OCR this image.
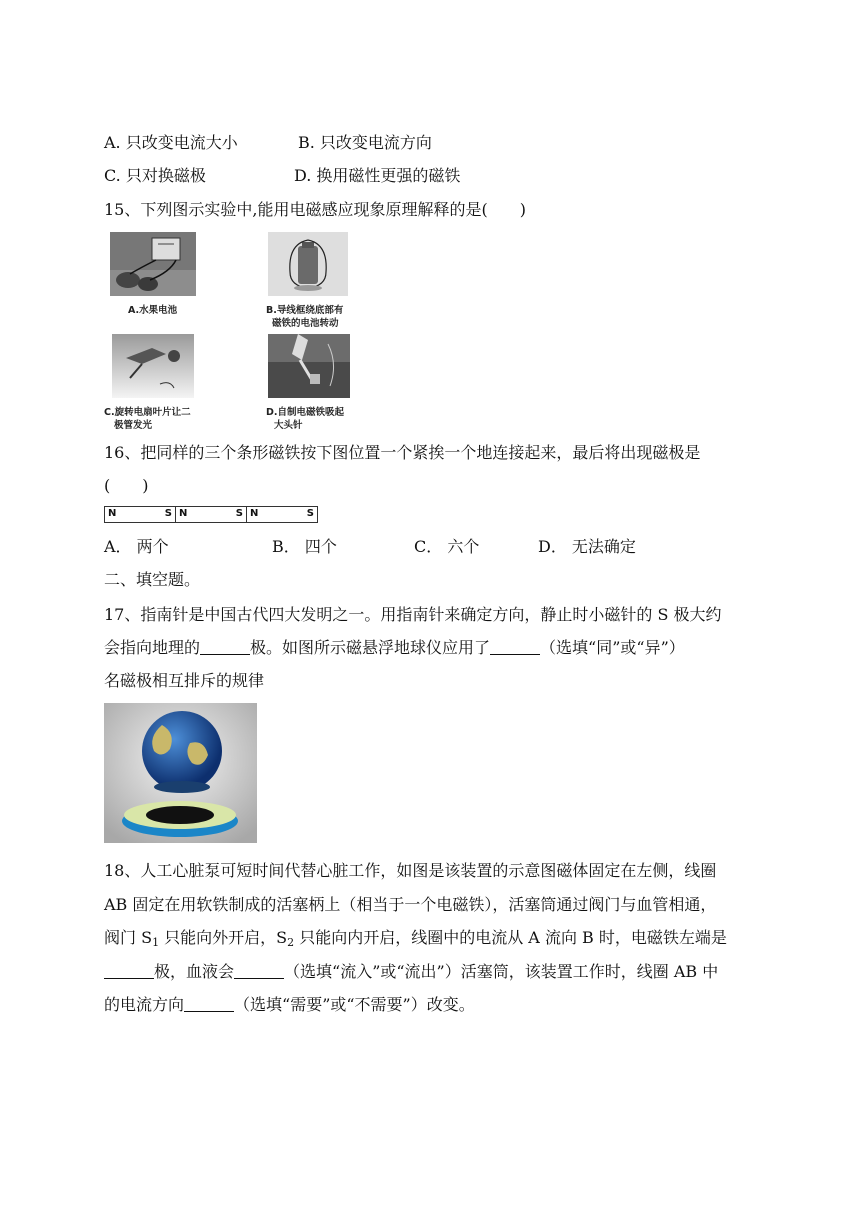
A. 只改变电流大小	B. 只改变电流方向
C. 只对换磁极	D. 换用磁性更强的磁铁
15、下列图示实验中,能用电磁感应现象原理解释的是(　　)
A.水果电池	B.导线框绕底部有
磁铁的电池转动
C.旋转电扇叶片让二
极管发光
D.自制电磁铁吸起
大头针
16、把同样的三个条形磁铁按下图位置一个紧挨一个地连接起来，最后将出现磁极是
(　　)
N	S N	S N	S
A． 两个	B． 四个	C． 六个	D． 无法确定
二、填空题。
17、指南针是中国古代四大发明之一。用指南针来确定方向，静止时小磁针的 S 极大约
会指向地理的	极。如图所示磁悬浮地球仪应用了	（选填“同”或“异”）
名磁极相互排斥的规律
18、人工心脏泵可短时间代替心脏工作，如图是该装置的示意图磁体固定在左侧，线圈
AB 固定在用软铁制成的活塞柄上（相当于一个电磁铁），活塞筒通过阀门与血管相通，
阀门 $S_1$ 只能向外开启，$S_2$ 只能向内开启，线圈中的电流从 A 流向 B 时，电磁铁左端是
极，血液会	（选填“流入”或“流出”）活塞筒，该装置工作时，线圈 AB 中
的电流方向	（选填“需要”或“不需要”）改变。
